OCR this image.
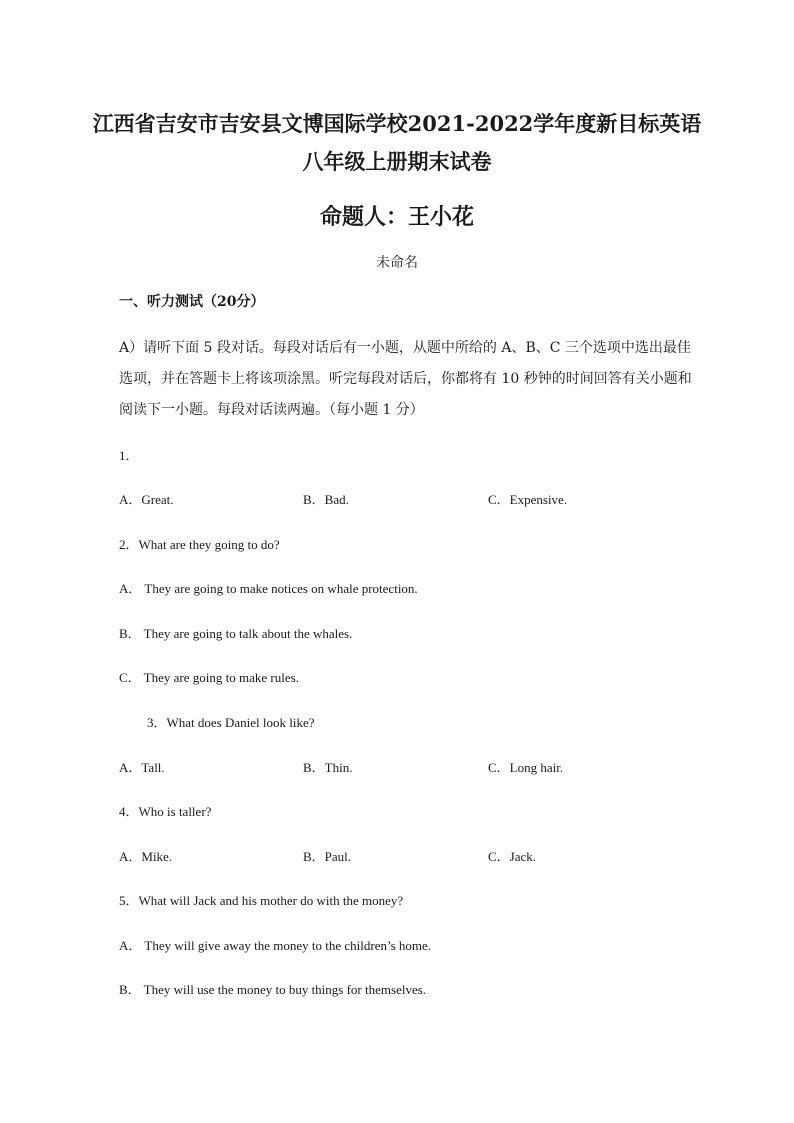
江西省吉安市吉安县文博国际学校2021-2022学年度新目标英语
八年级上册期末试卷
命题人：王小花
未命名
一、听力测试（20分）
A）请听下面 5 段对话。每段对话后有一小题，从题中所给的 A、B、C 三个选项中选出最佳
选项，并在答题卡上将该项涂黑。听完每段对话后，你都将有 10 秒钟的时间回答有关小题和
阅读下一小题。每段对话读两遍。（每小题 1 分）
1．
A．Great.	B．Bad.	C．Expensive.
2．What are they going to do?
A． They are going to make notices on whale protection.
B． They are going to talk about the whales.
C． They are going to make rules.
3．What does Daniel look like?
A．Tall.	B．Thin.	C．Long hair.
4．Who is taller?
A．Mike.	B．Paul.	C．Jack.
5．What will Jack and his mother do with the money?
A． They will give away the money to the children’s home.
B． They will use the money to buy things for themselves.
